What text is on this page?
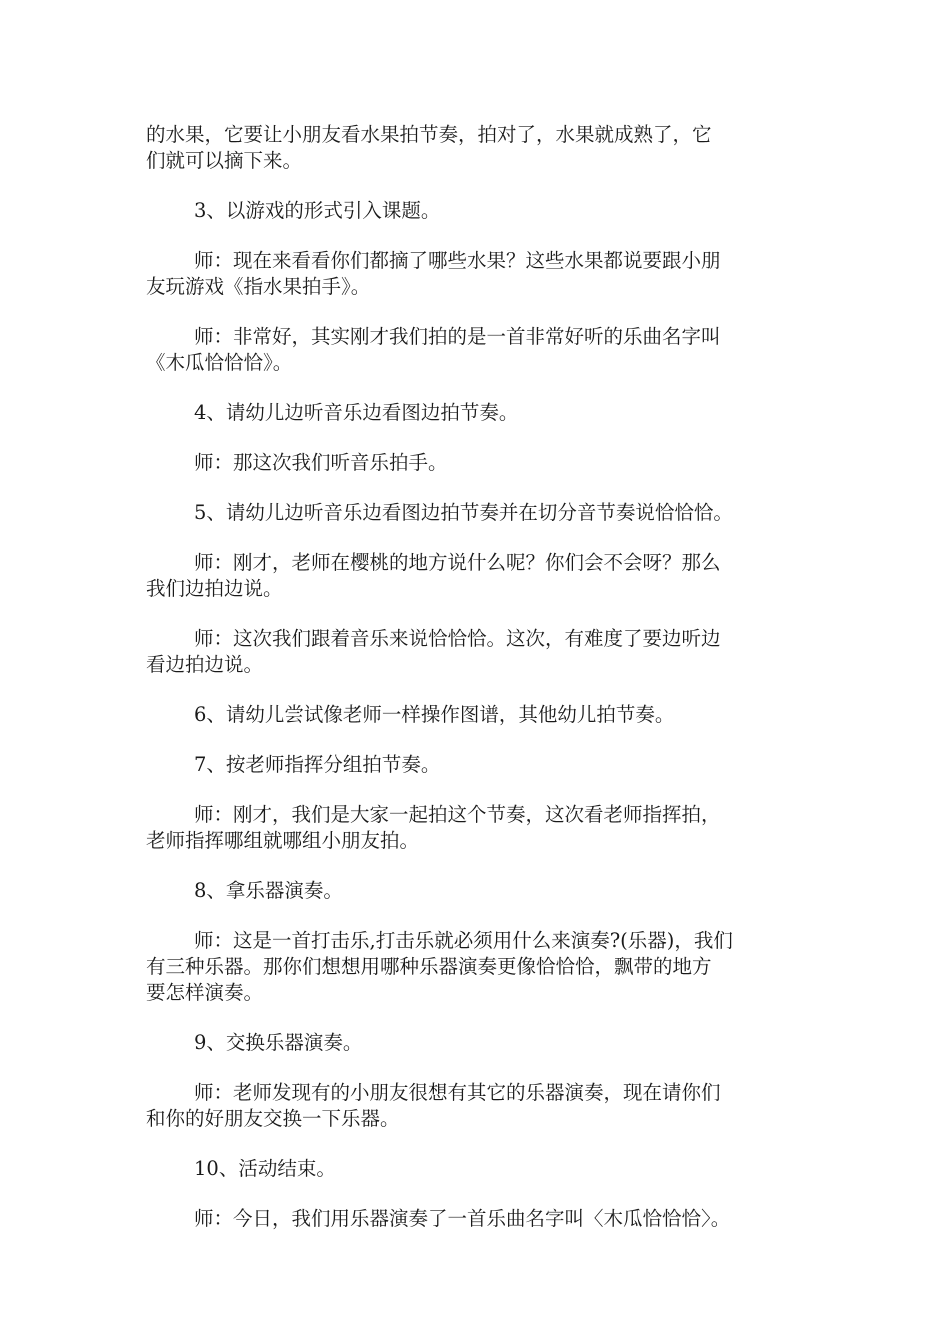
的水果，它要让小朋友看水果拍节奏，拍对了，水果就成熟了，它
们就可以摘下来。

3、以游戏的形式引入课题。

师：现在来看看你们都摘了哪些水果？这些水果都说要跟小朋
友玩游戏《指水果拍手》。

师：非常好，其实刚才我们拍的是一首非常好听的乐曲名字叫
《木瓜恰恰恰》。

4、请幼儿边听音乐边看图边拍节奏。

师：那这次我们听音乐拍手。

5、请幼儿边听音乐边看图边拍节奏并在切分音节奏说恰恰恰。

师：刚才，老师在樱桃的地方说什么呢？你们会不会呀？那么
我们边拍边说。

师：这次我们跟着音乐来说恰恰恰。这次，有难度了要边听边
看边拍边说。

6、请幼儿尝试像老师一样操作图谱，其他幼儿拍节奏。

7、按老师指挥分组拍节奏。

师：刚才，我们是大家一起拍这个节奏，这次看老师指挥拍，
老师指挥哪组就哪组小朋友拍。

8、拿乐器演奏。

师：这是一首打击乐,打击乐就必须用什么来演奏?(乐器)，我们
有三种乐器。那你们想想用哪种乐器演奏更像恰恰恰，飘带的地方
要怎样演奏。

9、交换乐器演奏。

师：老师发现有的小朋友很想有其它的乐器演奏，现在请你们
和你的好朋友交换一下乐器。

10、活动结束。

师：今日，我们用乐器演奏了一首乐曲名字叫〈木瓜恰恰恰〉。
